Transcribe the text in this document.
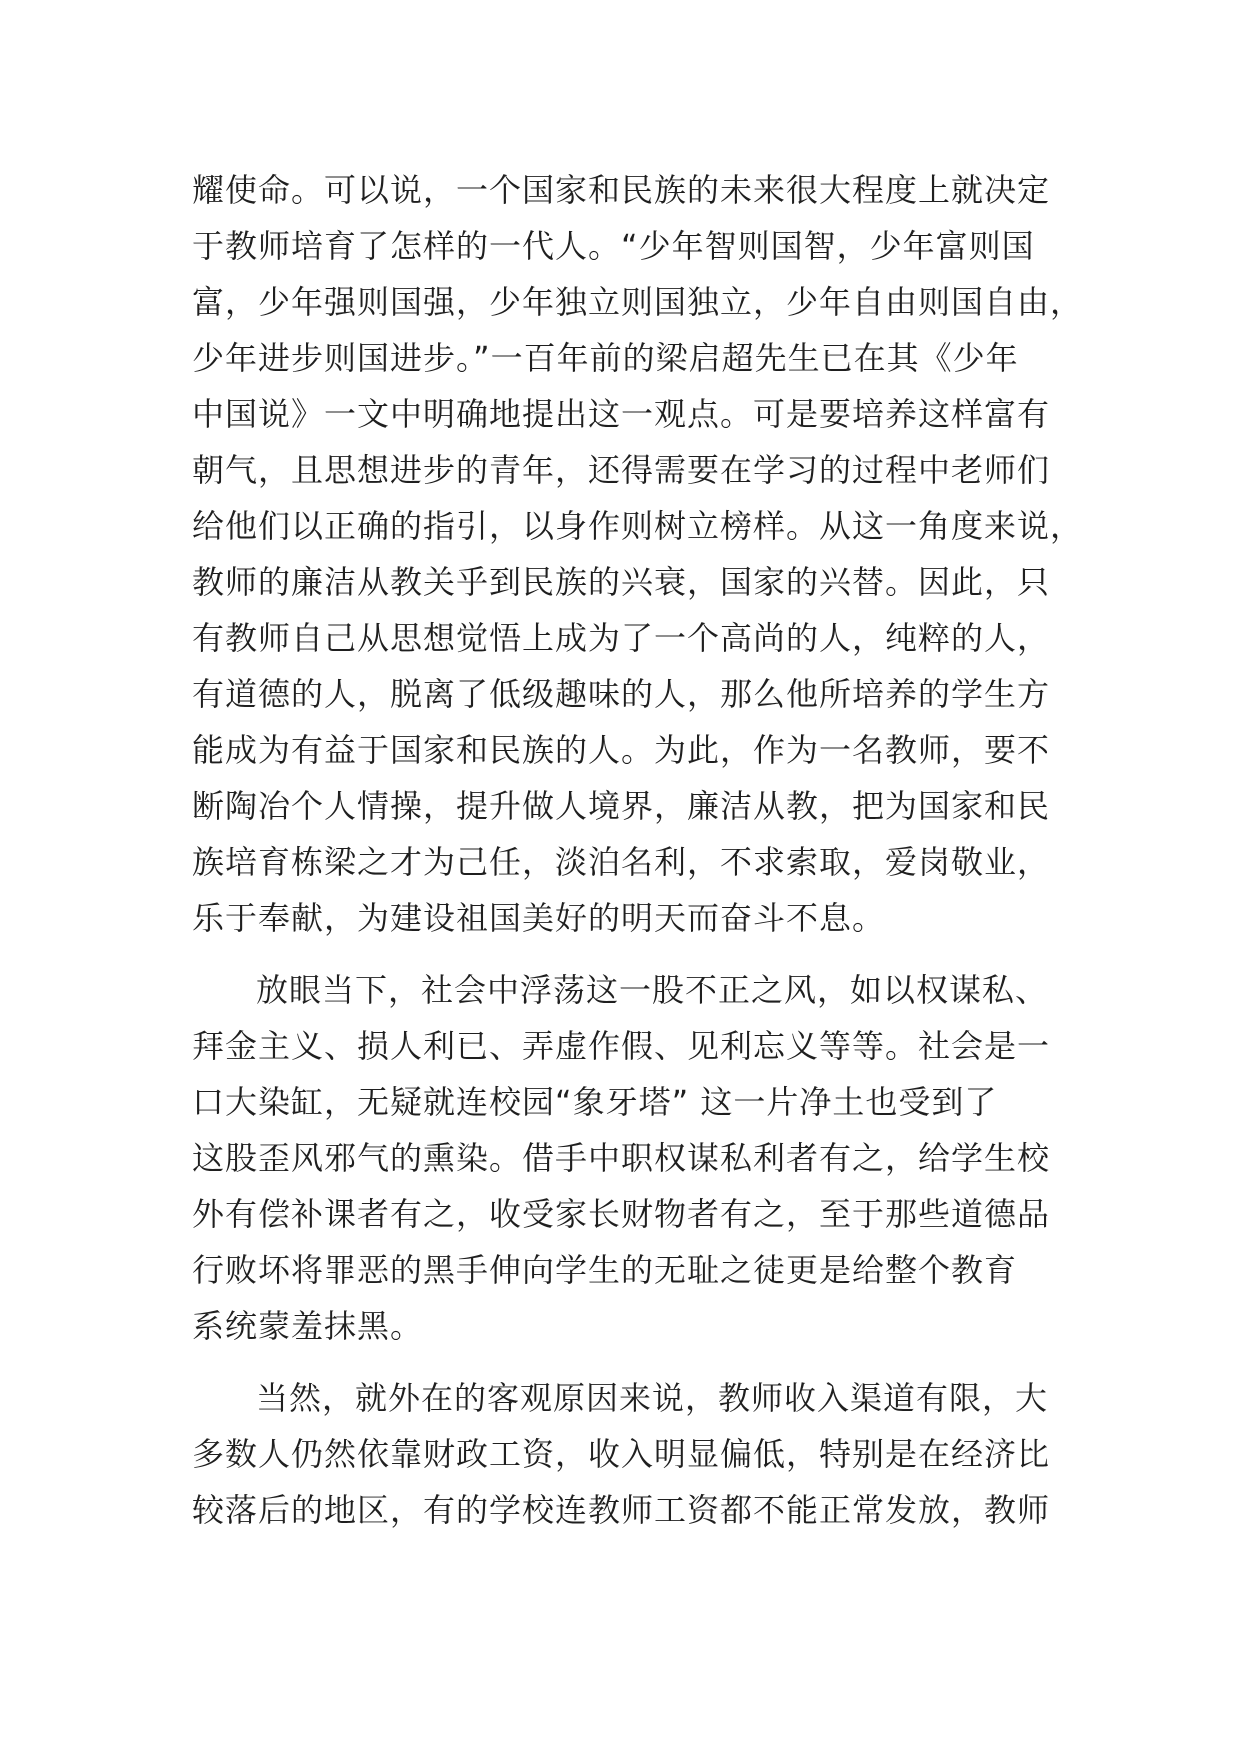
耀使命。可以说，一个国家和民族的未来很大程度上就决定
于教师培育了怎样的一代人。“少年智则国智，少年富则国
富，少年强则国强，少年独立则国独立，少年自由则国自由，
少年进步则国进步。”一百年前的梁启超先生已在其《少年
中国说》一文中明确地提出这一观点。可是要培养这样富有
朝气，且思想进步的青年，还得需要在学习的过程中老师们
给他们以正确的指引，以身作则树立榜样。从这一角度来说，
教师的廉洁从教关乎到民族的兴衰，国家的兴替。因此，只
有教师自己从思想觉悟上成为了一个高尚的人，纯粹的人，
有道德的人，脱离了低级趣味的人，那么他所培养的学生方
能成为有益于国家和民族的人。为此，作为一名教师，要不
断陶冶个人情操，提升做人境界，廉洁从教，把为国家和民
族培育栋梁之才为己任，淡泊名利，不求索取，爱岗敬业，
乐于奉献，为建设祖国美好的明天而奋斗不息。
放眼当下，社会中浮荡这一股不正之风，如以权谋私、
拜金主义、损人利已、弄虚作假、见利忘义等等。社会是一
口大染缸，无疑就连校园“象牙塔” 这一片净土也受到了
这股歪风邪气的熏染。借手中职权谋私利者有之，给学生校
外有偿补课者有之，收受家长财物者有之，至于那些道德品
行败坏将罪恶的黑手伸向学生的无耻之徒更是给整个教育
系统蒙羞抹黑。
当然，就外在的客观原因来说，教师收入渠道有限，大
多数人仍然依靠财政工资，收入明显偏低，特别是在经济比
较落后的地区，有的学校连教师工资都不能正常发放，教师
